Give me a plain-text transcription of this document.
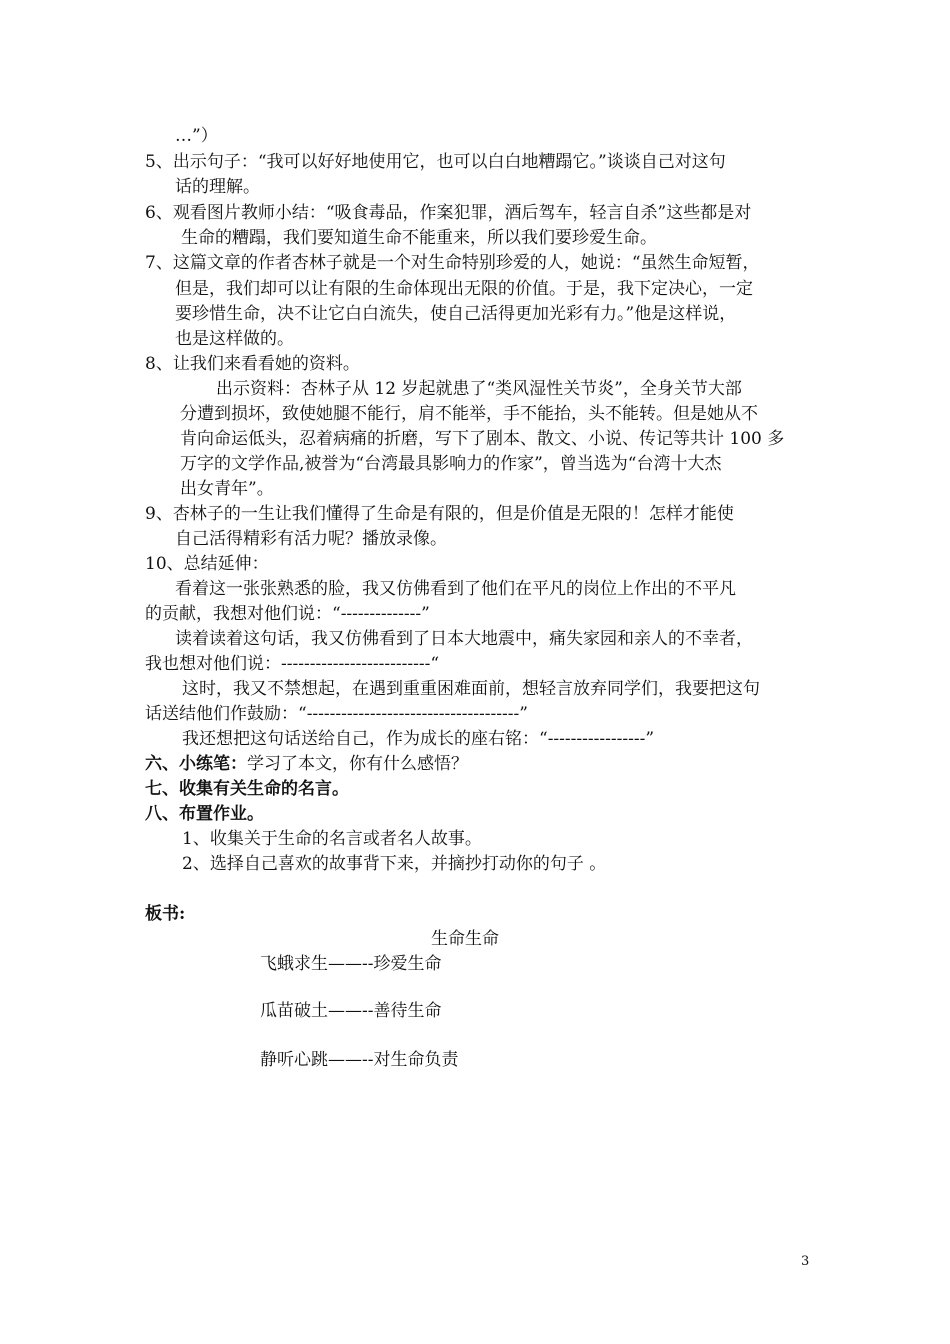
…”）
5、出示句子：“我可以好好地使用它，也可以白白地糟蹋它。”谈谈自己对这句
话的理解。
6、观看图片教师小结：“吸食毒品，作案犯罪，酒后驾车，轻言自杀”这些都是对
生命的糟蹋，我们要知道生命不能重来，所以我们要珍爱生命。
7、这篇文章的作者杏林子就是一个对生命特别珍爱的人，她说：“虽然生命短暂，
但是，我们却可以让有限的生命体现出无限的价值。于是，我下定决心，一定
要珍惜生命，决不让它白白流失，使自己活得更加光彩有力。”他是这样说，
也是这样做的。
8、让我们来看看她的资料。
出示资料：杏林子从 12 岁起就患了“类风湿性关节炎”，全身关节大部
分遭到损坏，致使她腿不能行，肩不能举，手不能抬，头不能转。但是她从不
肯向命运低头，忍着病痛的折磨，写下了剧本、散文、小说、传记等共计 100 多
万字的文学作品,被誉为“台湾最具影响力的作家”，曾当选为“台湾十大杰
出女青年”。
9、杏林子的一生让我们懂得了生命是有限的，但是价值是无限的！怎样才能使
自己活得精彩有活力呢？播放录像。
10、总结延伸：
看着这一张张熟悉的脸，我又仿佛看到了他们在平凡的岗位上作出的不平凡
的贡献，我想对他们说：“--------------”
读着读着这句话，我又仿佛看到了日本大地震中，痛失家园和亲人的不幸者，
我也想对他们说：--------------------------“
这时，我又不禁想起，在遇到重重困难面前，想轻言放弃同学们，我要把这句
话送结他们作鼓励：“-------------------------------------”
我还想把这句话送给自己，作为成长的座右铭：“-----------------”
六、小练笔：学习了本文，你有什么感悟？
七、收集有关生命的名言。
八、布置作业。
1、收集关于生命的名言或者名人故事。
2、选择自己喜欢的故事背下来，并摘抄打动你的句子 。
板书:
生命生命
飞蛾求生——--珍爱生命
瓜苗破土——--善待生命
静听心跳——--对生命负责
3
